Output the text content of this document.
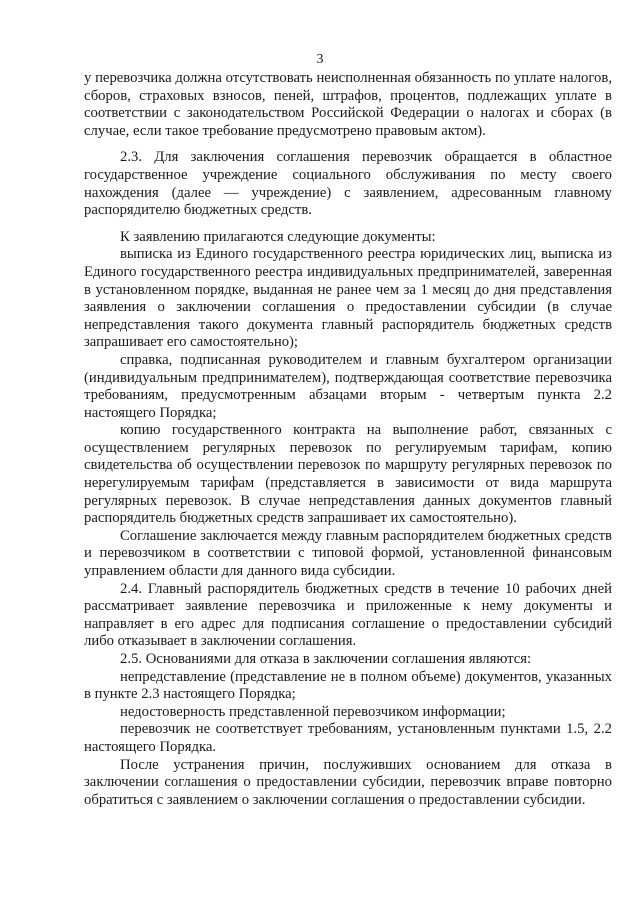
3

у перевозчика должна отсутствовать неисполненная обязанность по уплате налогов, сборов, страховых взносов, пеней, штрафов, процентов, подлежащих уплате в соответствии с законодательством Российской Федерации о налогах и сборах (в случае, если такое требование предусмотрено правовым актом).

2.3. Для заключения соглашения перевозчик обращается в областное государственное учреждение социального обслуживания по месту своего нахождения (далее — учреждение) с заявлением, адресованным главному распорядителю бюджетных средств.

К заявлению прилагаются следующие документы:

выписка из Единого государственного реестра юридических лиц, выписка из Единого государственного реестра индивидуальных предпринимателей, заверенная в установленном порядке, выданная не ранее чем за 1 месяц до дня представления заявления о заключении соглашения о предоставлении субсидии (в случае непредставления такого документа главный распорядитель бюджетных средств запрашивает его самостоятельно);

справка, подписанная руководителем и главным бухгалтером организации (индивидуальным предпринимателем), подтверждающая соответствие перевозчика требованиям, предусмотренным абзацами вторым - четвертым пункта 2.2 настоящего Порядка;

копию государственного контракта на выполнение работ, связанных с осуществлением регулярных перевозок по регулируемым тарифам, копию свидетельства об осуществлении перевозок по маршруту регулярных перевозок по нерегулируемым тарифам (представляется в зависимости от вида маршрута регулярных перевозок. В случае непредставления данных документов главный распорядитель бюджетных средств запрашивает их самостоятельно).

Соглашение заключается между главным распорядителем бюджетных средств и перевозчиком в соответствии с типовой формой, установленной финансовым управлением области для данного вида субсидии.

2.4. Главный распорядитель бюджетных средств в течение 10 рабочих дней рассматривает заявление перевозчика и приложенные к нему документы и направляет в его адрес для подписания соглашение о предоставлении субсидий либо отказывает в заключении соглашения.

2.5. Основаниями для отказа в заключении соглашения являются:

непредставление (представление не в полном объеме) документов, указанных в пункте 2.3 настоящего Порядка;

недостоверность представленной перевозчиком информации;

перевозчик не соответствует требованиям, установленным пунктами 1.5, 2.2 настоящего Порядка.

После устранения причин, послуживших основанием для отказа в заключении соглашения о предоставлении субсидии, перевозчик вправе повторно обратиться с заявлением о заключении соглашения о предоставлении субсидии.
